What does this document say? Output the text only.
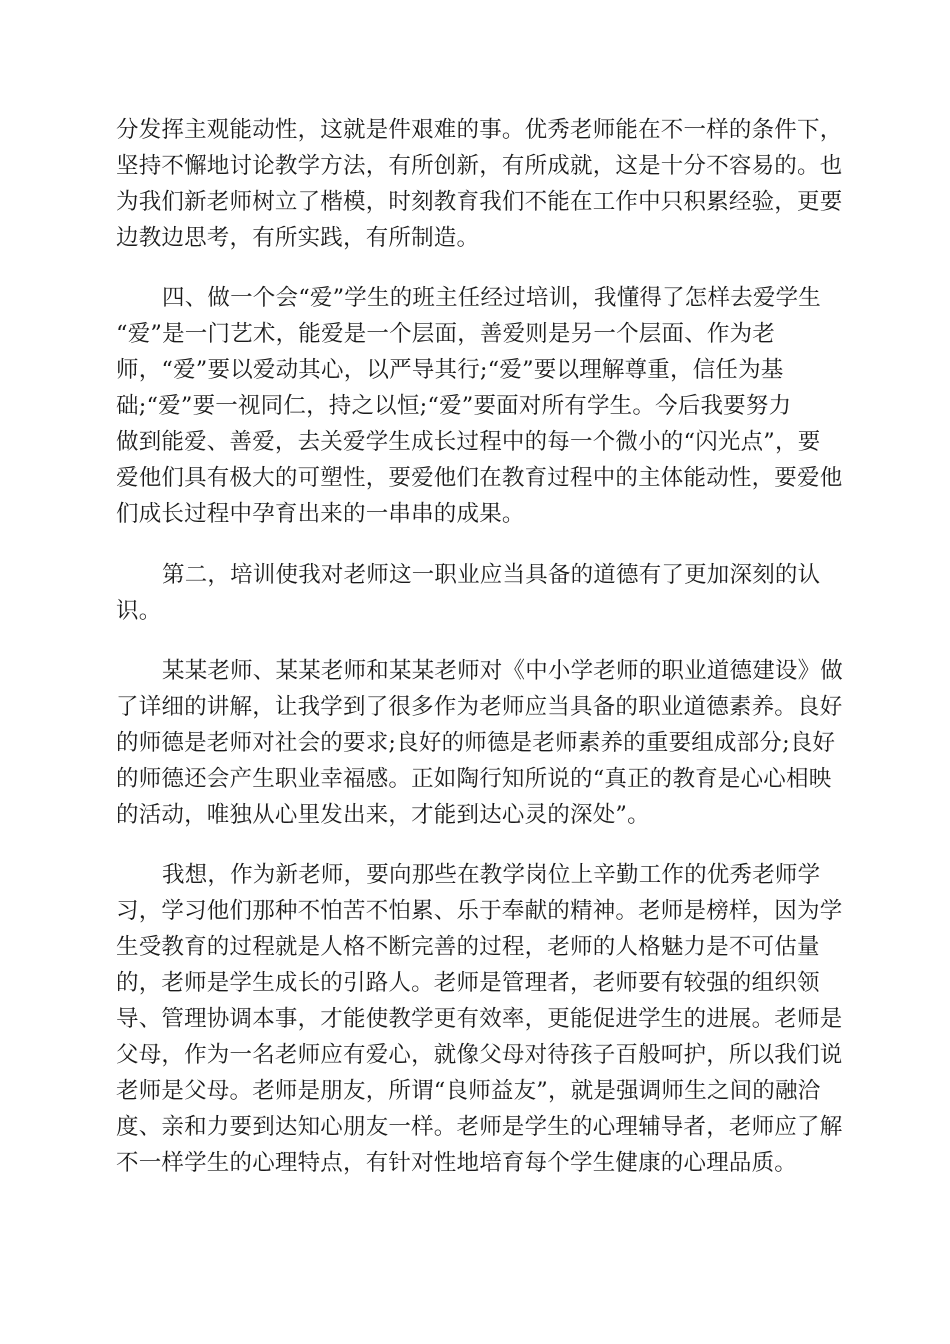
分发挥主观能动性，这就是件艰难的事。优秀老师能在不一样的条件下，

坚持不懈地讨论教学方法，有所创新，有所成就，这是十分不容易的。也

为我们新老师树立了楷模，时刻教育我们不能在工作中只积累经验，更要

边教边思考，有所实践，有所制造。

四、做一个会“爱”学生的班主任经过培训，我懂得了怎样去爱学生

“爱”是一门艺术，能爱是一个层面，善爱则是另一个层面、作为老

师，“爱”要以爱动其心，以严导其行;“爱”要以理解尊重，信任为基

础;“爱”要一视同仁，持之以恒;“爱”要面对所有学生。今后我要努力

做到能爱、善爱，去关爱学生成长过程中的每一个微小的“闪光点”，要

爱他们具有极大的可塑性，要爱他们在教育过程中的主体能动性，要爱他

们成长过程中孕育出来的一串串的成果。

第二，培训使我对老师这一职业应当具备的道德有了更加深刻的认

识。

某某老师、某某老师和某某老师对《中小学老师的职业道德建设》做

了详细的讲解，让我学到了很多作为老师应当具备的职业道德素养。良好

的师德是老师对社会的要求;良好的师德是老师素养的重要组成部分;良好

的师德还会产生职业幸福感。正如陶行知所说的“真正的教育是心心相映

的活动，唯独从心里发出来，才能到达心灵的深处”。

我想，作为新老师，要向那些在教学岗位上辛勤工作的优秀老师学

习，学习他们那种不怕苦不怕累、乐于奉献的精神。老师是榜样，因为学

生受教育的过程就是人格不断完善的过程，老师的人格魅力是不可估量

的，老师是学生成长的引路人。老师是管理者，老师要有较强的组织领

导、管理协调本事，才能使教学更有效率，更能促进学生的进展。老师是

父母，作为一名老师应有爱心，就像父母对待孩子百般呵护，所以我们说

老师是父母。老师是朋友，所谓“良师益友”，就是强调师生之间的融洽

度、亲和力要到达知心朋友一样。老师是学生的心理辅导者，老师应了解

不一样学生的心理特点，有针对性地培育每个学生健康的心理品质。
